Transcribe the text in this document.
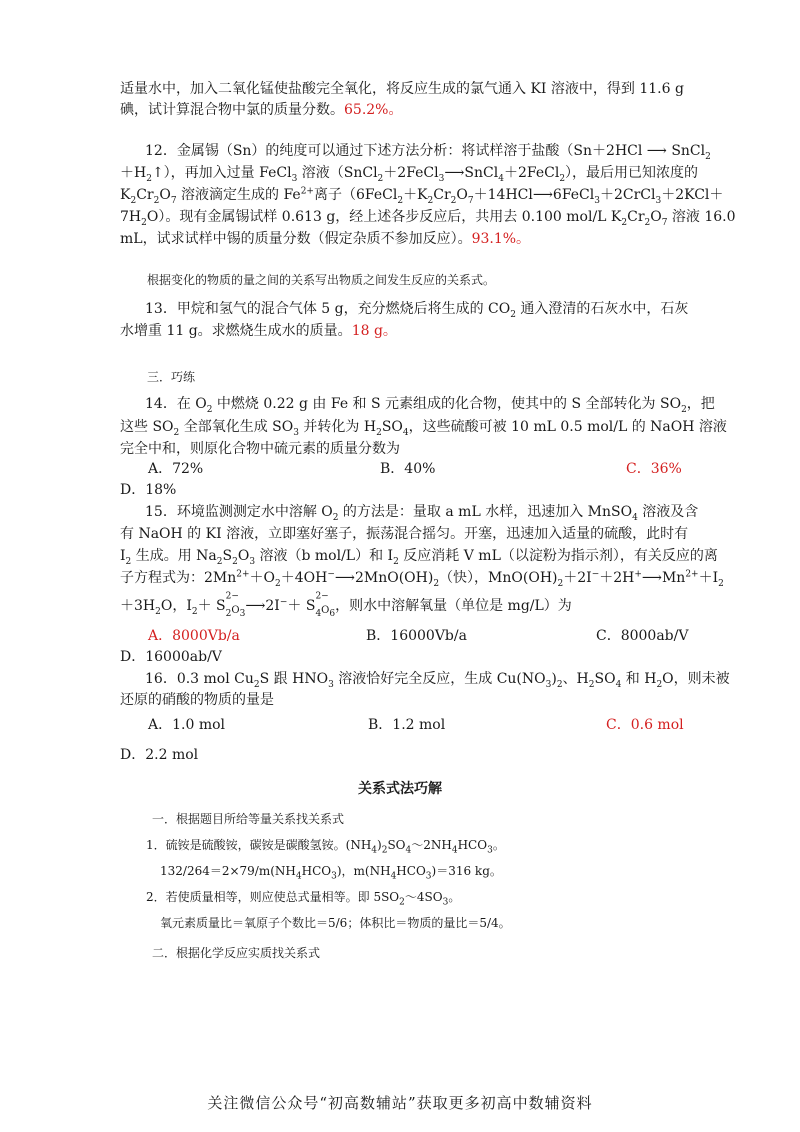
适量水中，加入二氧化锰使盐酸完全氧化，将反应生成的氯气通入 KI 溶液中，得到 11.6 g
碘，试计算混合物中氯的质量分数。65.2%。
12．金属锡（Sn）的纯度可以通过下述方法分析：将试样溶于盐酸（Sn＋2HCl ⟶ SnCl$_2$
$+H_2↑$），再加入过量 FeCl$_3$ 溶液（SnCl$_2$＋2FeCl$_3$⟶SnCl$_4$＋2FeCl$_2$），最后用已知浓度的
$K_2Cr_2O_7$ 溶液滴定生成的 $Fe^{2+}$离子（$6FeCl_2+K_2Cr_2O_7+14HCl⟶6FeCl_3+2CrCl_3+2KCl+$
$7H_2O$）。现有金属锡试样 0.613 g，经上述各步反应后，共用去 0.100 mol/L $K_2Cr_2O_7$ 溶液 16.0
mL，试求试样中锡的质量分数（假定杂质不参加反应）。93.1%。
根据变化的物质的量之间的关系写出物质之间发生反应的关系式。
13．甲烷和氢气的混合气体 5 g，充分燃烧后将生成的 $CO_2$ 通入澄清的石灰水中，石灰
水增重 11 g。求燃烧生成水的质量。18 g。
三．巧练
14．在 $O_2$ 中燃烧 0.22 g 由 Fe 和 S 元素组成的化合物，使其中的 S 全部转化为 $SO_2$，把
这些 $SO_2$ 全部氧化生成 $SO_3$ 并转化为 $H_2SO_4$，这些硫酸可被 10 mL 0.5 mol/L 的 NaOH 溶液
完全中和，则原化合物中硫元素的质量分数为
A．72%	B．40%	C．36%
D．18%
15．环境监测测定水中溶解 $O_2$ 的方法是：量取 a mL 水样，迅速加入 MnSO$_4$ 溶液及含
有 NaOH 的 KI 溶液，立即塞好塞子，振荡混合摇匀。开塞，迅速加入适量的硫酸，此时有
$I_2$ 生成。用 $Na_2S_2O_3$ 溶液（b mol/L）和 $I_2$ 反应消耗 V mL（以淀粉为指示剂），有关反应的离
子方程式为：$2Mn^{2+}+O_2+4OH^-⟶2MnO(OH)_2$（快），$MnO(OH)_2+2I^-+2H^+⟶Mn^{2+}+I_2$
$+3H_2O$，$I_2+ S^{2-}$
$_2O_3⟶2I^-+ S^{2-}$
$_4O_6$，则水中溶解氧量（单位是 mg/L）为
A．8000Vb/a	B．16000Vb/a	C．8000ab/V
D．16000ab/V
16．0.3 mol $Cu_2S$ 跟 $HNO_3$ 溶液恰好完全反应，生成 $Cu(NO_3)_2$、$H_2SO_4$ 和 $H_2O$，则未被
还原的硝酸的物质的量是
A．1.0 mol	B．1.2 mol	C．0.6 mol
D．2.2 mol
关系式法巧解
一．根据题目所给等量关系找关系式
1．硫铵是硫酸铵，碳铵是碳酸氢铵。$(NH_4)_2SO_4\sim 2NH_4HCO_3$。
$132/264=2\times 79/m(NH_4HCO_3)$，$m(NH_4HCO_3)=316$ kg。
2．若使质量相等，则应使总式量相等。即 $5SO_2\sim 4SO_3$。
氧元素质量比＝氧原子个数比＝5/6；体积比＝物质的量比＝5/4。
二．根据化学反应实质找关系式
关注微信公众号“初高数辅站”获取更多初高中数辅资料
